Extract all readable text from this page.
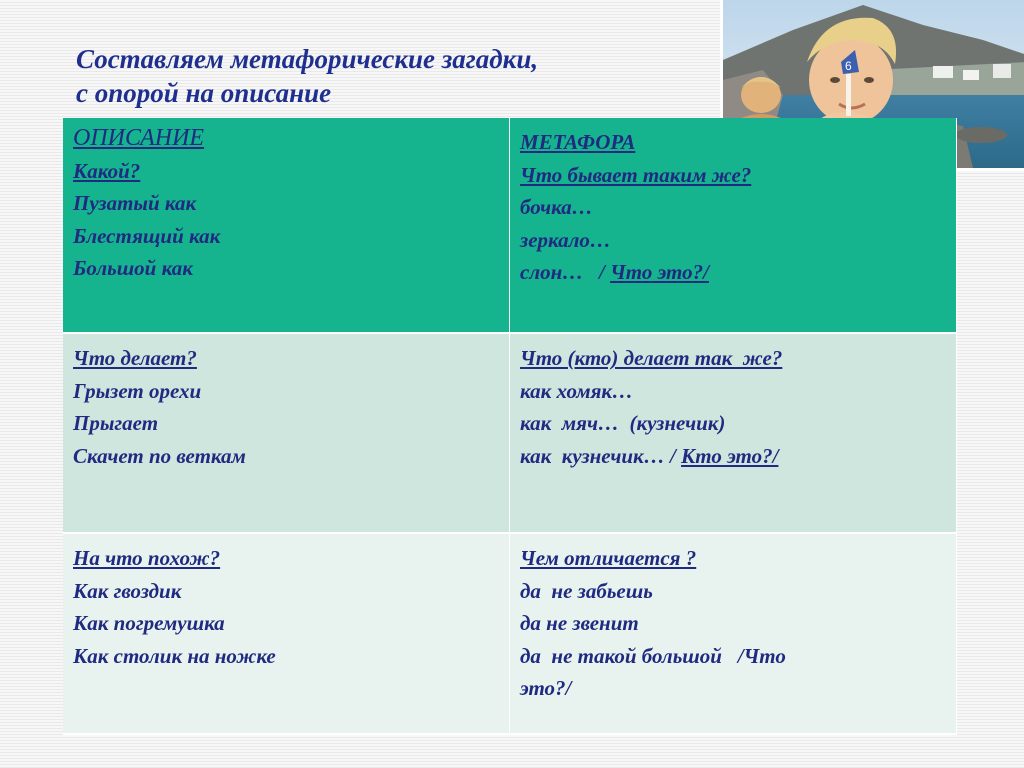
Составляем метафорические загадки,
с опорой на описание
6
ОПИСАНИЕ
Какой?
Пузатый как
Блестящий как
Большой как
МЕТАФОРА
Что бывает таким же?
бочка…
зеркало…
слон…   / Что это?/
Что делает?
Грызет орехи
Прыгает
Скачет по веткам
Что (кто) делает так  же?
как хомяк…
как  мяч…  (кузнечик)
как  кузнечик… / Кто это?/
На что похож?
Как гвоздик
Как погремушка
Как столик на ножке
Чем отличается ?
да  не забьешь
да не звенит
да  не такой большой   /Что
это?/
